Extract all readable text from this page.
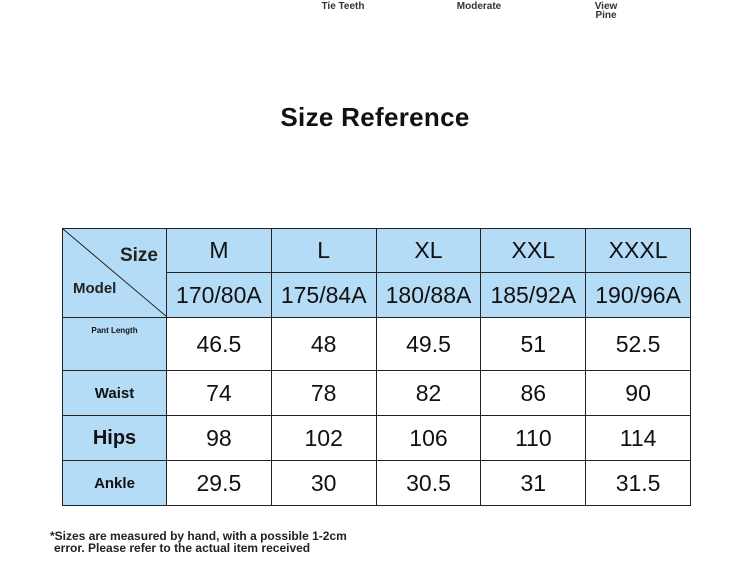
Tie Teeth	Moderate	View
Pine
Size Reference
Size
Model	M	L	XL	XXL	XXXL
	170/80A	175/84A	180/88A	185/92A	190/96A
Pant Length	46.5	48	49.5	51	52.5
Waist	74	78	82	86	90
Hips	98	102	106	110	114
Ankle	29.5	30	30.5	31	31.5
*Sizes are measured by hand, with a possible 1-2cm
error. Please refer to the actual item received
